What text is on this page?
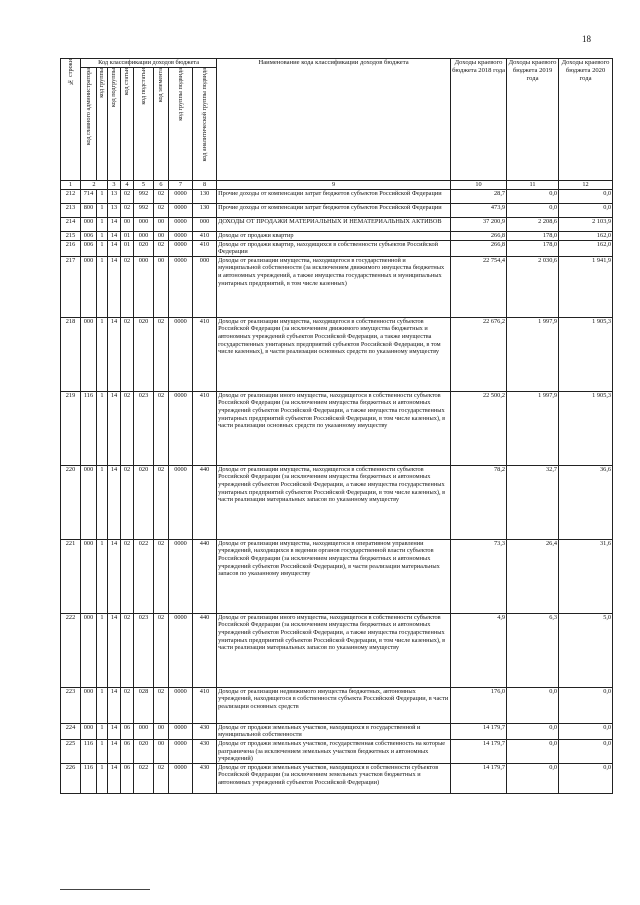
18
№ строки	Код классификации доходов бюджета								Наименование кода классификации доходов бюджета	Доходы краевого бюджета 2018 года	Доходы краевого бюджета 2019 года	Доходы краевого бюджета 2020 года
	код главного администратора	код группы	код подгруппы	код статьи	код подстатьи	код элемента	код группы подвида	код аналитической группы подвида				
1	2		3	4	5	6	7	8	9	10	11	12
212	714	1	13	02	992	02	0000	130	Прочие доходы от компенсации затрат бюджетов субъектов Российской Федерации	28,7	0,0	0,0
213	800	1	13	02	992	02	0000	130	Прочие доходы от компенсации затрат бюджетов субъектов Российской Федерации	473,9	0,0	0,0
214	000	1	14	00	000	00	0000	000	ДОХОДЫ ОТ ПРОДАЖИ МАТЕРИАЛЬНЫХ И НЕМАТЕРИАЛЬНЫХ АКТИВОВ	37 200,9	2 208,6	2 103,9
215	006	1	14	01	000	00	0000	410	Доходы от продажи квартир	266,8	178,0	162,0
216	006	1	14	01	020	02	0000	410	Доходы от продажи квартир, находящихся в собственности субъектов Российской Федерации	266,8	178,0	162,0
217	000	1	14	02	000	00	0000	000	Доходы от реализации имущества, находящегося в государственной и муниципальной собственности (за исключением движимого имущества бюджетных и автономных учреждений, а также имущества государственных и муниципальных унитарных предприятий, в том числе казенных)	22 754,4	2 030,6	1 941,9
218	000	1	14	02	020	02	0000	410	Доходы от реализации имущества, находящегося в собственности субъектов Российской Федерации (за исключением движимого имущества бюджетных и автономных учреждений субъектов Российской Федерации, а также имущества государственных унитарных предприятий субъектов Российской Федерации, в том числе казенных), в части реализации основных средств по указанному имуществу	22 676,2	1 997,9	1 905,3
219	116	1	14	02	023	02	0000	410	Доходы от реализации иного имущества, находящегося в собственности субъектов Российской Федерации (за исключением имущества бюджетных и автономных учреждений субъектов Российской Федерации, а также имущества государственных унитарных предприятий субъектов Российской Федерации, в том числе казенных), в части реализации основных средств по указанному имуществу	22 500,2	1 997,9	1 905,3
220	000	1	14	02	020	02	0000	440	Доходы от реализации имущества, находящегося в собственности субъектов Российской Федерации (за исключением имущества бюджетных и автономных учреждений субъектов Российской Федерации, а также имущества государственных унитарных предприятий субъектов Российской Федерации, в том числе казенных), в части реализации материальных запасов по указанному имуществу	78,2	32,7	36,6
221	000	1	14	02	022	02	0000	440	Доходы от реализации имущества, находящегося в оперативном управлении учреждений, находящихся в ведении органов государственной власти субъектов Российской Федерации (за исключением имущества бюджетных и автономных учреждений субъектов Российской Федерации), в части реализации материальных запасов по указанному имуществу	73,3	26,4	31,6
222	000	1	14	02	023	02	0000	440	Доходы от реализации иного имущества, находящегося в собственности субъектов Российской Федерации (за исключением имущества бюджетных и автономных учреждений субъектов Российской Федерации, а также имущества государственных унитарных предприятий субъектов Российской Федерации, в том числе казенных), в части реализации материальных запасов по указанному имуществу	4,9	6,3	5,0
223	000	1	14	02	028	02	0000	410	Доходы от реализации недвижимого имущества бюджетных, автономных учреждений, находящегося в собственности субъекта Российской Федерации, в части реализации основных средств	176,0	0,0	0,0
224	000	1	14	06	000	00	0000	430	Доходы от продажи земельных участков, находящихся в государственной и муниципальной собственности	14 179,7	0,0	0,0
225	116	1	14	06	020	00	0000	430	Доходы от продажи земельных участков, государственная собственность на которые разграничена (за исключением земельных участков бюджетных и автономных учреждений)	14 179,7	0,0	0,0
226	116	1	14	06	022	02	0000	430	Доходы от продажи земельных участков, находящихся в собственности субъектов Российской Федерации (за исключением земельных участков бюджетных и автономных учреждений субъектов Российской Федерации)	14 179,7	0,0	0,0
